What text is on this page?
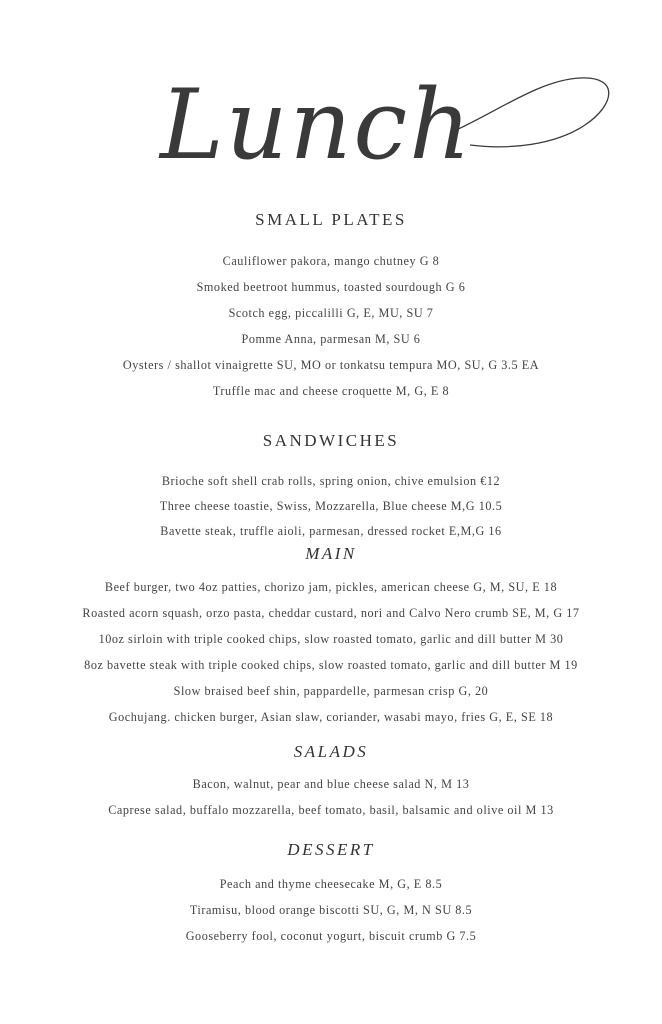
Lunch
SMALL PLATES
Cauliflower pakora, mango chutney G 8
Smoked beetroot hummus, toasted sourdough G 6
Scotch egg, piccalilli G, E, MU, SU 7
Pomme Anna, parmesan M, SU 6
Oysters / shallot vinaigrette SU, MO or tonkatsu tempura MO, SU, G 3.5 EA
Truffle mac and cheese croquette M, G, E 8
SANDWICHES
Brioche soft shell crab rolls, spring onion, chive emulsion €12
Three cheese toastie, Swiss, Mozzarella, Blue cheese M,G 10.5
Bavette steak, truffle aioli, parmesan, dressed rocket E,M,G 16
MAIN
Beef burger, two 4oz patties, chorizo jam, pickles, american cheese G, M, SU, E 18
Roasted acorn squash, orzo pasta, cheddar custard, nori and Calvo Nero crumb SE, M, G 17
10oz sirloin with triple cooked chips, slow roasted tomato, garlic and dill butter M 30
8oz bavette steak with triple cooked chips, slow roasted tomato, garlic and dill butter M 19
Slow braised beef shin, pappardelle, parmesan crisp G, 20
Gochujang. chicken burger, Asian slaw, coriander, wasabi mayo, fries G, E, SE 18
SALADS
Bacon, walnut, pear and blue cheese salad N, M 13
Caprese salad, buffalo mozzarella, beef tomato, basil, balsamic and olive oil M 13
DESSERT
Peach and thyme cheesecake M, G, E 8.5
Tiramisu, blood orange biscotti SU, G, M, N SU 8.5
Gooseberry fool, coconut yogurt, biscuit crumb G 7.5
